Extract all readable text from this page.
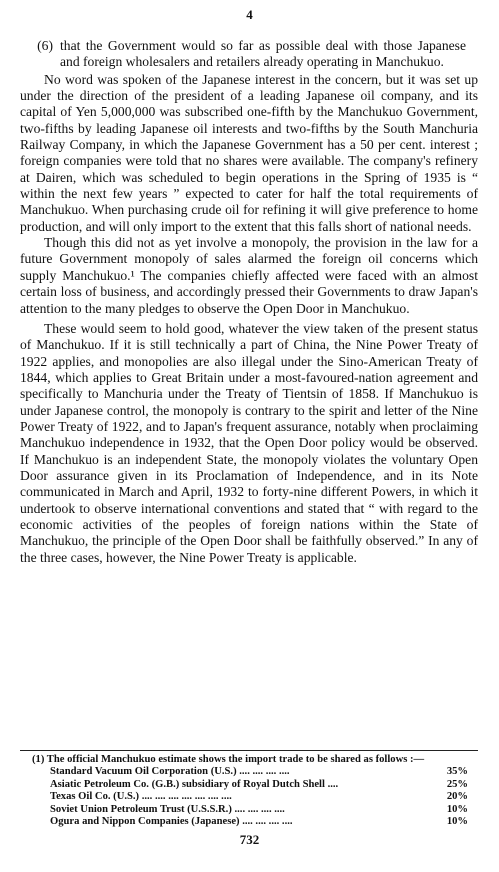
4
(6) that the Government would so far as possible deal with those Japanese and foreign wholesalers and retailers already operating in Manchukuo.

No word was spoken of the Japanese interest in the concern, but it was set up under the direction of the president of a leading Japanese oil company, and its capital of Yen 5,000,000 was subscribed one-fifth by the Manchukuo Government, two-fifths by leading Japanese oil interests and two-fifths by the South Manchuria Railway Company, in which the Japanese Government has a 50 per cent. interest ; foreign companies were told that no shares were available. The company's refinery at Dairen, which was scheduled to begin operations in the Spring of 1935 is “ within the next few years ” expected to cater for half the total requirements of Manchukuo. When purchasing crude oil for refining it will give preference to home production, and will only import to the extent that this falls short of national needs.

Though this did not as yet involve a monopoly, the provision in the law for a future Government monopoly of sales alarmed the foreign oil concerns which supply Manchukuo.¹ The companies chiefly affected were faced with an almost certain loss of business, and accordingly pressed their Governments to draw Japan's attention to the many pledges to observe the Open Door in Manchukuo.

These would seem to hold good, whatever the view taken of the present status of Manchukuo. If it is still technically a part of China, the Nine Power Treaty of 1922 applies, and monopolies are also illegal under the Sino-American Treaty of 1844, which applies to Great Britain under a most-favoured-nation agreement and specifically to Manchuria under the Treaty of Tientsin of 1858. If Manchukuo is under Japanese control, the monopoly is contrary to the spirit and letter of the Nine Power Treaty of 1922, and to Japan's frequent assurance, notably when proclaiming Manchukuo independence in 1932, that the Open Door policy would be observed. If Manchukuo is an independent State, the monopoly violates the voluntary Open Door assurance given in its Proclamation of Independence, and in its Note communicated in March and April, 1932 to forty-nine different Powers, in which it undertook to observe international conventions and stated that “ with regard to the economic activities of the peoples of foreign nations within the State of Manchukuo, the principle of the Open Door shall be faithfully observed.” In any of the three cases, however, the Nine Power Treaty is applicable.

(1) The official Manchukuo estimate shows the import trade to be shared as follows :—

Standard Vacuum Oil Corporation (U.S.) .... .... .... ....	35%
Asiatic Petroleum Co. (G.B.) subsidiary of Royal Dutch Shell ....	25%
Texas Oil Co. (U.S.) .... .... .... .... .... .... ....	20%
Soviet Union Petroleum Trust (U.S.S.R.) .... .... .... ....	10%
Ogura and Nippon Companies (Japanese) .... .... .... ....	10%
732
